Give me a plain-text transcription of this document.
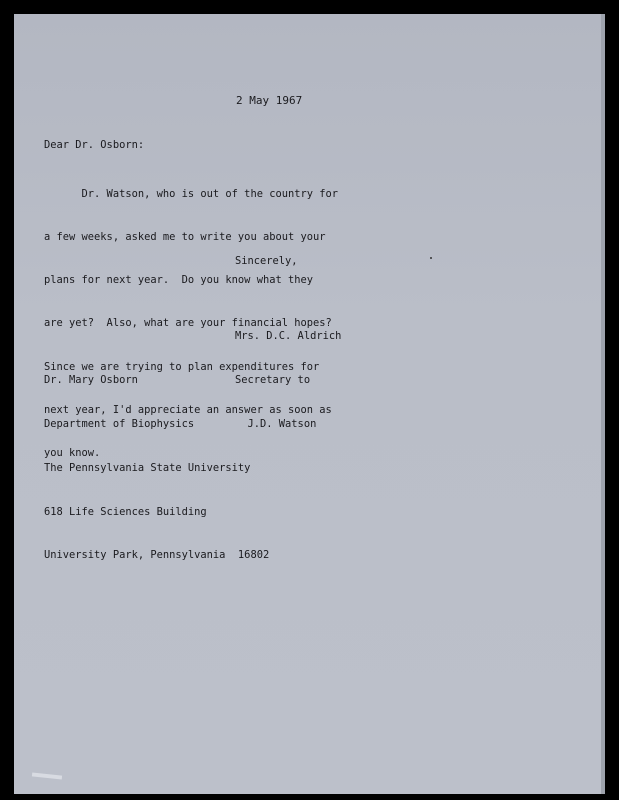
2 May 1967
Dear Dr. Osborn:

Dr. Watson, who is out of the country for

a few weeks, asked me to write you about your

plans for next year.  Do you know what they

are yet?  Also, what are your financial hopes?

Since we are trying to plan expenditures for

next year, I'd appreciate an answer as soon as

you know.

Sincerely,

Mrs. D.C. Aldrich

Secretary to

J.D. Watson

Dr. Mary Osborn

Department of Biophysics

The Pennsylvania State University

618 Life Sciences Building

University Park, Pennsylvania  16802
